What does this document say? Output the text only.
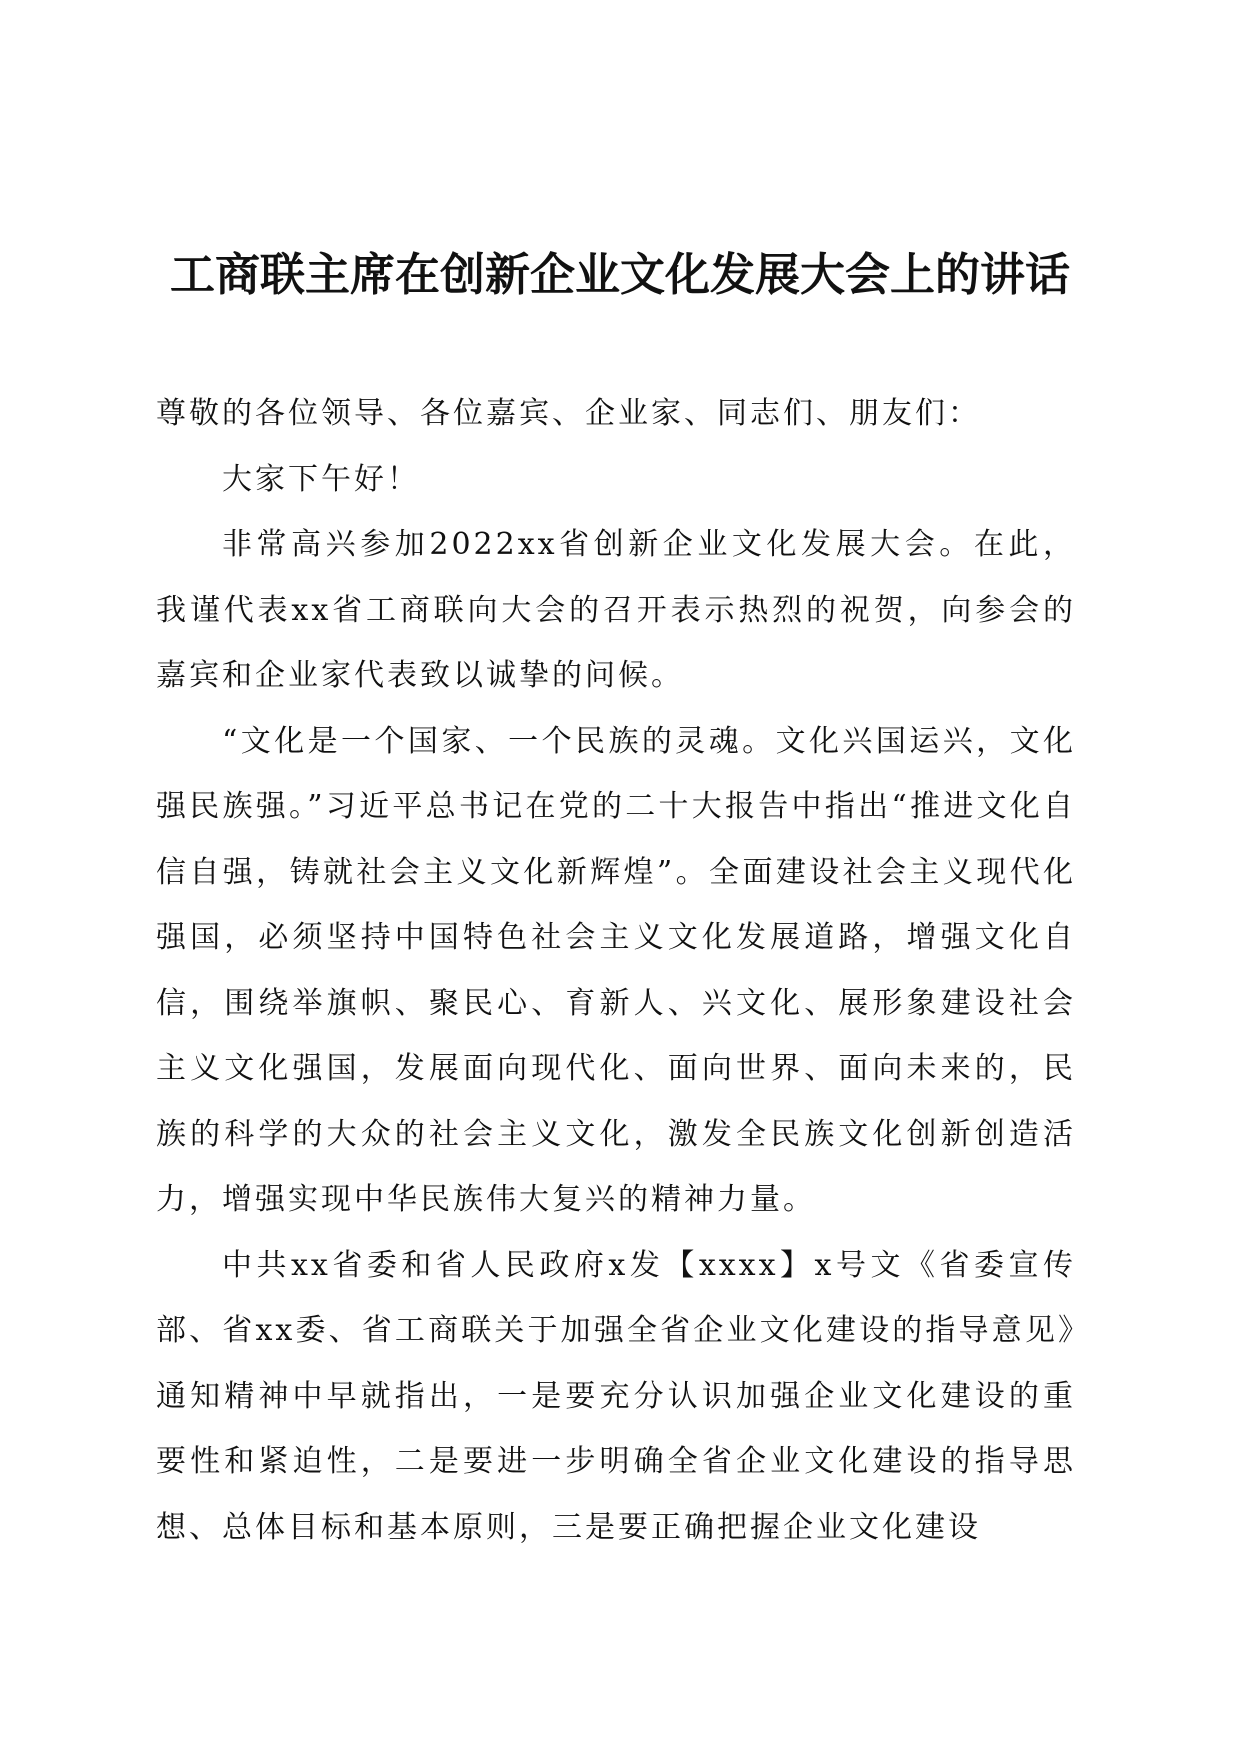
工商联主席在创新企业文化发展大会上的讲话

尊敬的各位领导、各位嘉宾、企业家、同志们、朋友们：

大家下午好！

非常高兴参加2022xx省创新企业文化发展大会。在此，我谨代表xx省工商联向大会的召开表示热烈的祝贺，向参会的嘉宾和企业家代表致以诚挚的问候。

“文化是一个国家、一个民族的灵魂。文化兴国运兴，文化强民族强。”习近平总书记在党的二十大报告中指出“推进文化自信自强，铸就社会主义文化新辉煌”。全面建设社会主义现代化强国，必须坚持中国特色社会主义文化发展道路，增强文化自信，围绕举旗帜、聚民心、育新人、兴文化、展形象建设社会主义文化强国，发展面向现代化、面向世界、面向未来的，民族的科学的大众的社会主义文化，激发全民族文化创新创造活力，增强实现中华民族伟大复兴的精神力量。

中共xx省委和省人民政府x发【xxxx】x号文《省委宣传部、省xx委、省工商联关于加强全省企业文化建设的指导意见》通知精神中早就指出，一是要充分认识加强企业文化建设的重要性和紧迫性，二是要进一步明确全省企业文化建设的指导思想、总体目标和基本原则，三是要正确把握企业文化建设
